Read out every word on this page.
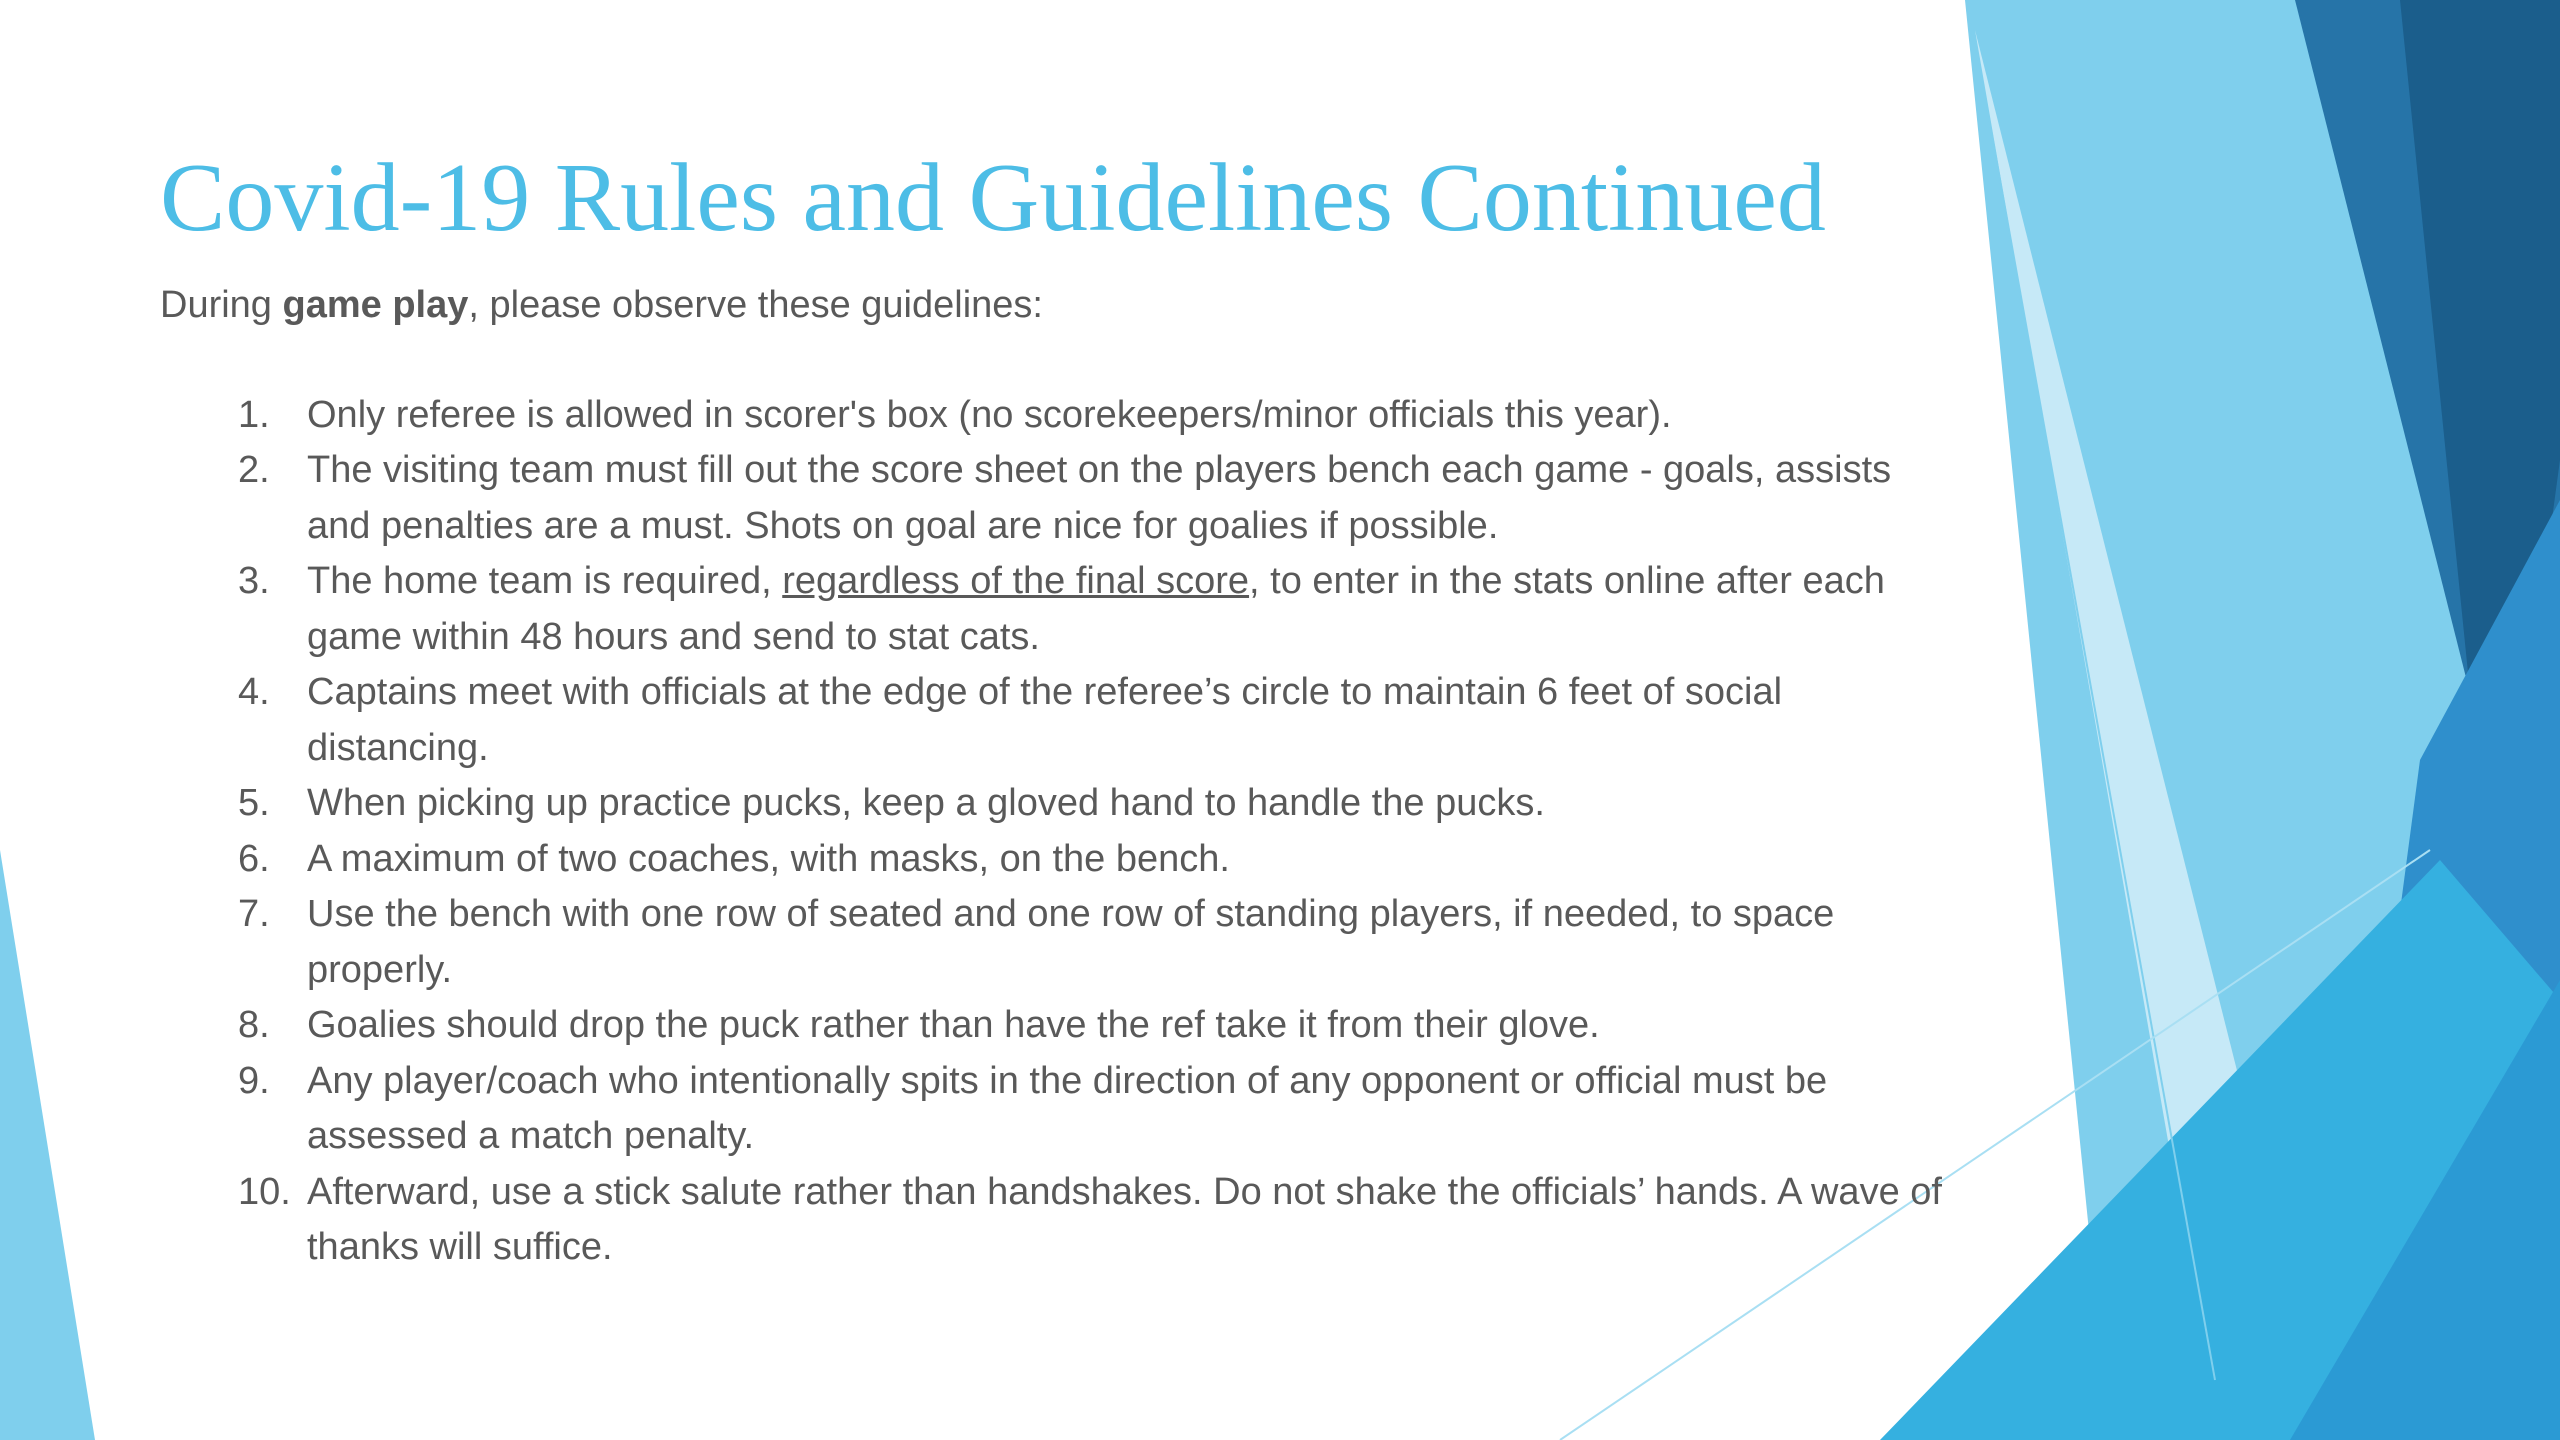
Covid-19 Rules and Guidelines Continued

During game play, please observe these guidelines:

1. Only referee is allowed in scorer's box (no scorekeepers/minor officials this year).
2. The visiting team must fill out the score sheet on the players bench each game - goals, assists and penalties are a must. Shots on goal are nice for goalies if possible.
3. The home team is required, regardless of the final score, to enter in the stats online after each game within 48 hours and send to stat cats.
4. Captains meet with officials at the edge of the referee’s circle to maintain 6 feet of social distancing.
5. When picking up practice pucks, keep a gloved hand to handle the pucks.
6. A maximum of two coaches, with masks, on the bench.
7. Use the bench with one row of seated and one row of standing players, if needed, to space properly.
8. Goalies should drop the puck rather than have the ref take it from their glove.
9. Any player/coach who intentionally spits in the direction of any opponent or official must be assessed a match penalty.
10. Afterward, use a stick salute rather than handshakes. Do not shake the officials’ hands. A wave of thanks will suffice.
